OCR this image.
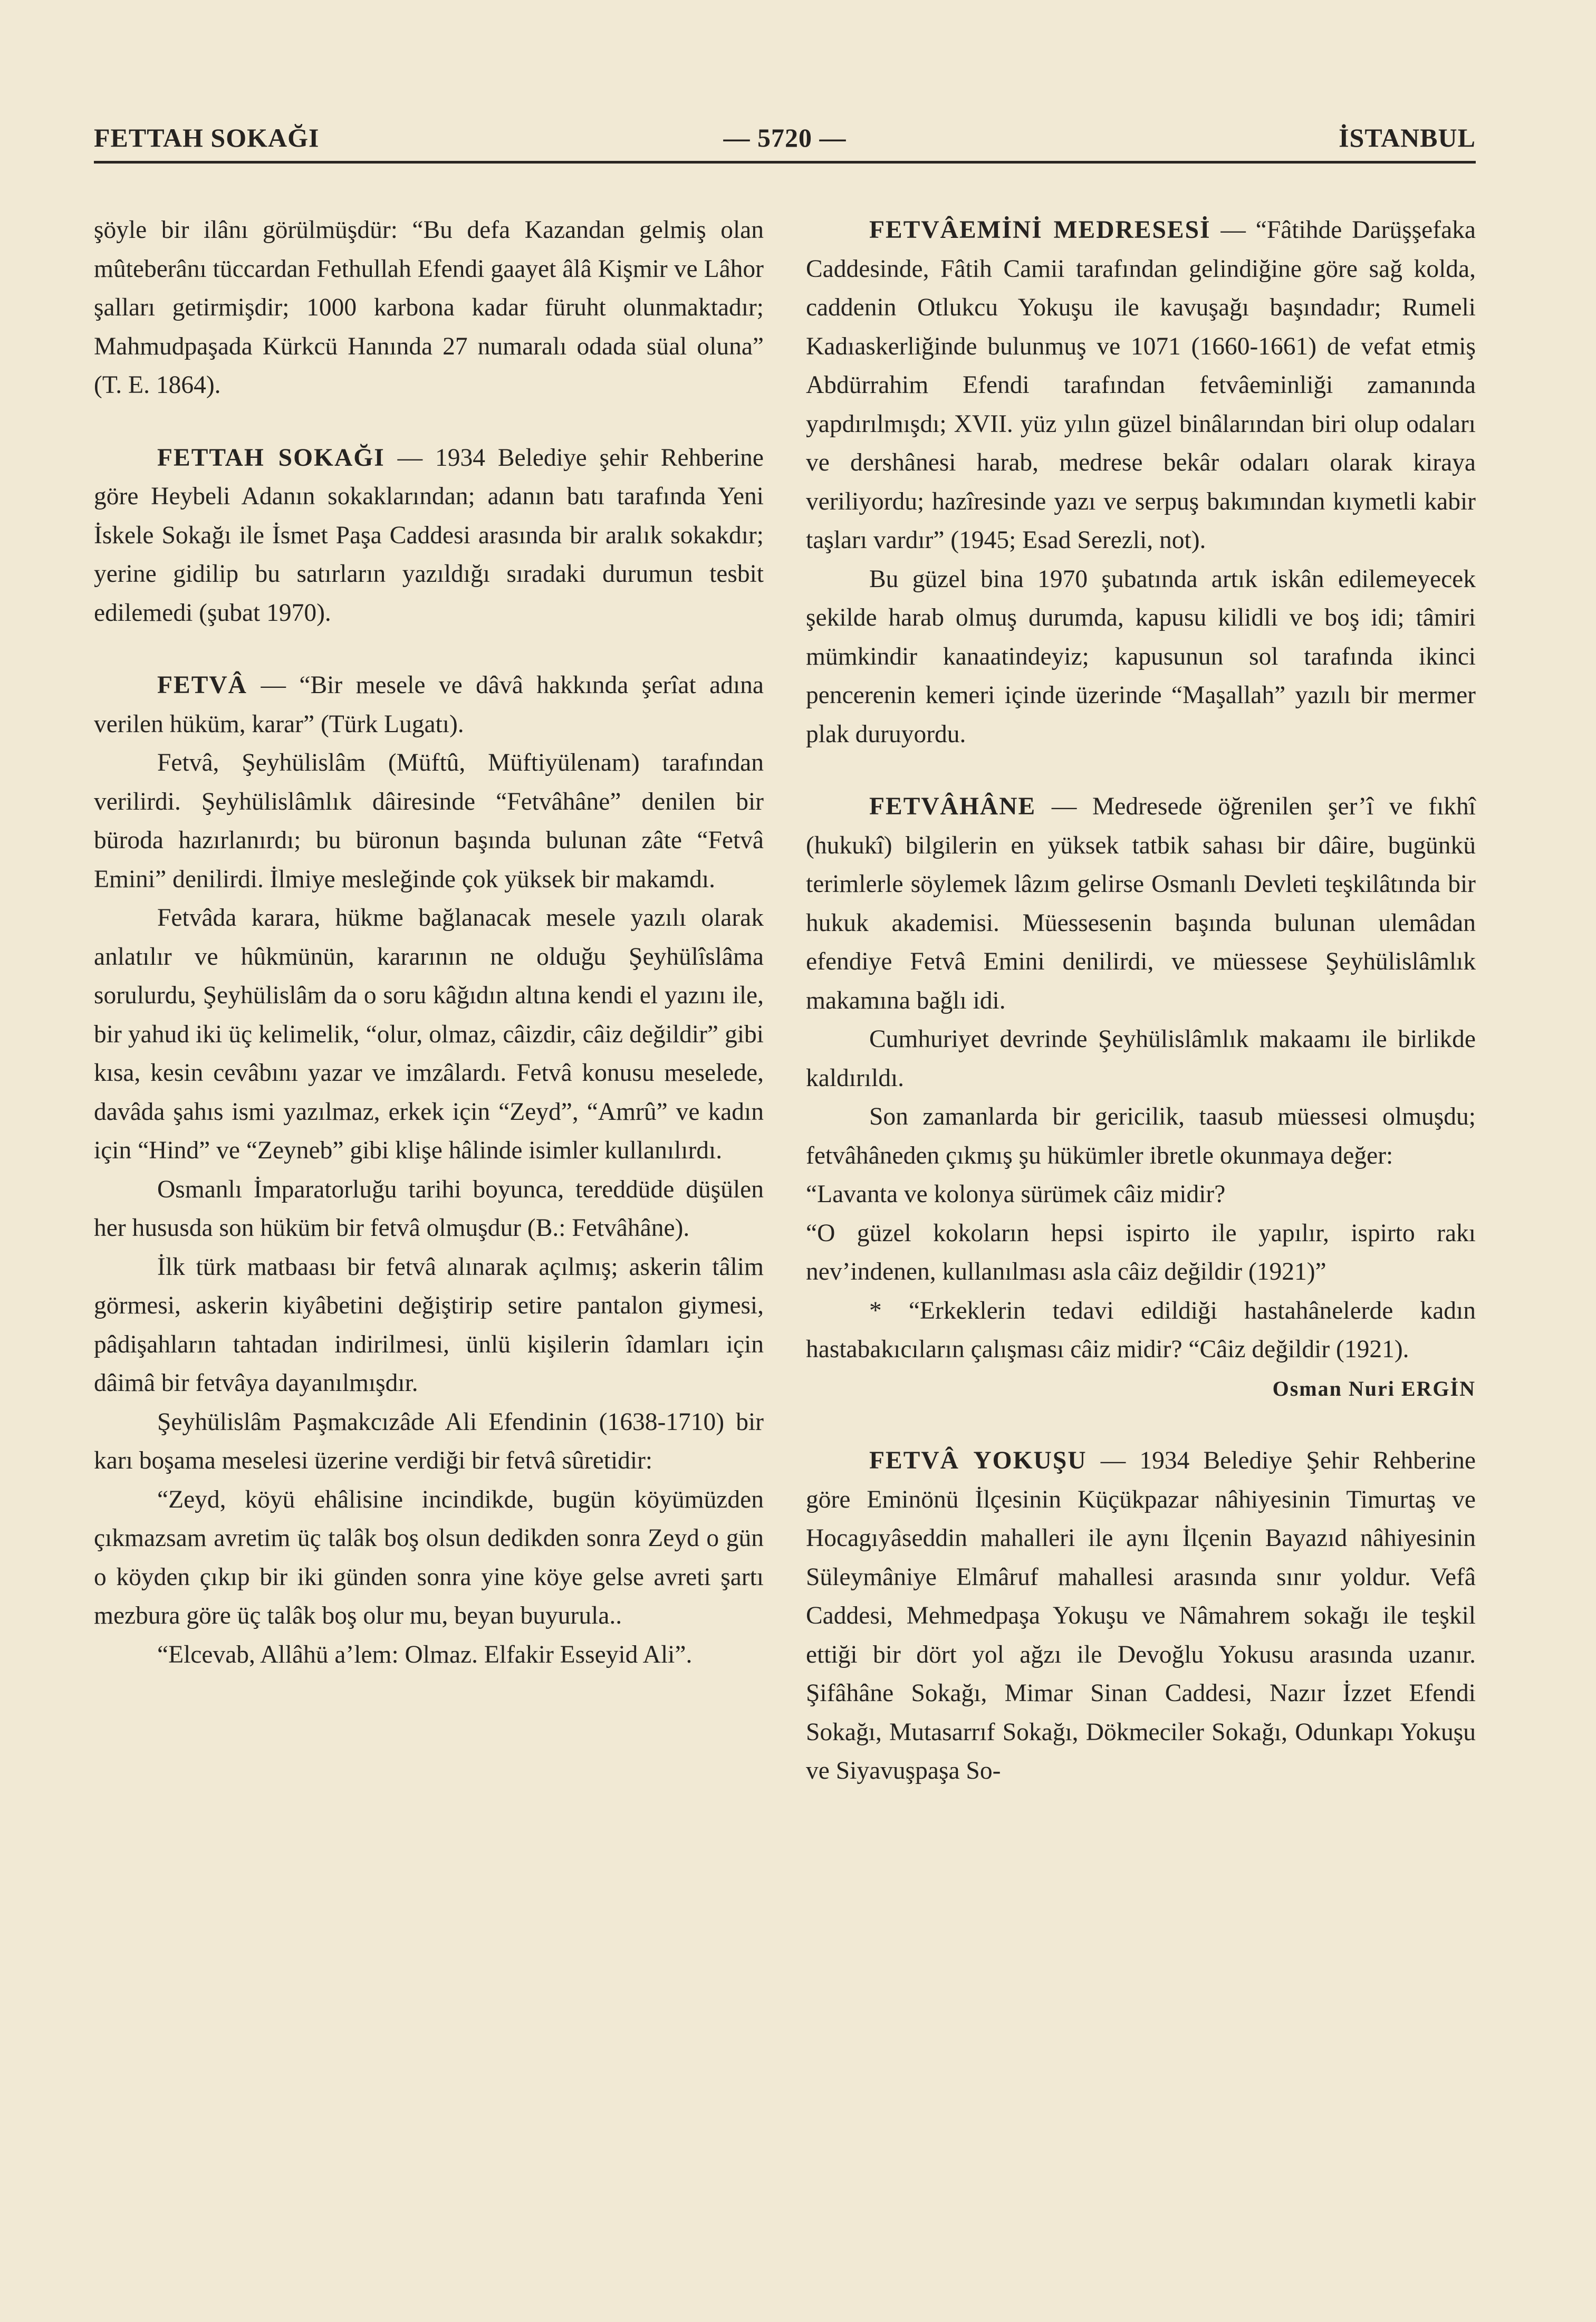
FETTAH SOKAĞI	— 5720 —	İSTANBUL

şöyle bir ilânı görülmüşdür: “Bu defa Kazandan gelmiş olan mûteberânı tüccardan Fethullah Efendi gaayet âlâ Kişmir ve Lâhor şalları getirmişdir; 1000 karbona kadar füruht olunmaktadır; Mahmudpaşada Kürkcü Hanında 27 numaralı odada süal oluna” (T. E. 1864).

FETTAH SOKAĞI — 1934 Belediye şehir Rehberine göre Heybeli Adanın sokaklarından; adanın batı tarafında Yeni İskele Sokağı ile İsmet Paşa Caddesi arasında bir aralık sokakdır; yerine gidilip bu satırların yazıldığı sıradaki durumun tesbit edilemedi (şubat 1970).

FETVÂ — “Bir mesele ve dâvâ hakkında şerîat adına verilen hüküm, karar” (Türk Lugatı).

Fetvâ, Şeyhülislâm (Müftû, Müftiyülenam) tarafından verilirdi. Şeyhülislâmlık dâiresinde “Fetvâhâne” denilen bir büroda hazırlanırdı; bu büronun başında bulunan zâte “Fetvâ Emini” denilirdi. İlmiye mesleğinde çok yüksek bir makamdı.

Fetvâda karara, hükme bağlanacak mesele yazılı olarak anlatılır ve hûkmünün, kararının ne olduğu Şeyhülîslâma sorulurdu, Şeyhülislâm da o soru kâğıdın altına kendi el yazını ile, bir yahud iki üç kelimelik, “olur, olmaz, câizdir, câiz değildir” gibi kısa, kesin cevâbını yazar ve imzâlardı. Fetvâ konusu meselede, davâda şahıs ismi yazılmaz, erkek için “Zeyd”, “Amrû” ve kadın için “Hind” ve “Zeyneb” gibi klişe hâlinde isimler kullanılırdı.

Osmanlı İmparatorluğu tarihi boyunca, tereddüde düşülen her hususda son hüküm bir fetvâ olmuşdur (B.: Fetvâhâne).

İlk türk matbaası bir fetvâ alınarak açılmış; askerin tâlim görmesi, askerin kiyâbetini değiştirip setire pantalon giymesi, pâdişahların tahtadan indirilmesi, ünlü kişilerin îdamları için dâimâ bir fetvâya dayanılmışdır.

Şeyhülislâm Paşmakcızâde Ali Efendinin (1638-1710) bir karı boşama meselesi üzerine verdiği bir fetvâ sûretidir:

“Zeyd, köyü ehâlisine incindikde, bugün köyümüzden çıkmazsam avretim üç talâk boş olsun dedikden sonra Zeyd o gün o köyden çıkıp bir iki günden sonra yine köye gelse avreti şartı mezbura göre üç talâk boş olur mu, beyan buyurula..

“Elcevab, Allâhü a’lem: Olmaz. Elfakir Esseyid Ali”.

FETVÂEMİNİ MEDRESESİ — “Fâtihde Darüşşefaka Caddesinde, Fâtih Camii tarafından gelindiğine göre sağ kolda, caddenin Otlukcu Yokuşu ile kavuşağı başındadır; Rumeli Kadıaskerliğinde bulunmuş ve 1071 (1660-1661) de vefat etmiş Abdürrahim Efendi tarafından fetvâeminliği zamanında yapdırılmışdı; XVII. yüz yılın güzel binâlarından biri olup odaları ve dershânesi harab, medrese bekâr odaları olarak kiraya veriliyordu; hazîresinde yazı ve serpuş bakımından kıymetli kabir taşları vardır” (1945; Esad Serezli, not).

Bu güzel bina 1970 şubatında artık iskân edilemeyecek şekilde harab olmuş durumda, kapusu kilidli ve boş idi; tâmiri mümkindir kanaatindeyiz; kapusunun sol tarafında ikinci pencerenin kemeri içinde üzerinde “Maşallah” yazılı bir mermer plak duruyordu.

FETVÂHÂNE — Medresede öğrenilen şer’î ve fıkhî (hukukî) bilgilerin en yüksek tatbik sahası bir dâire, bugünkü terimlerle söylemek lâzım gelirse Osmanlı Devleti teşkilâtında bir hukuk akademisi. Müessesenin başında bulunan ulemâdan efendiye Fetvâ Emini denilirdi, ve müessese Şeyhülislâmlık makamına bağlı idi.

Cumhuriyet devrinde Şeyhülislâmlık makaamı ile birlikde kaldırıldı.

Son zamanlarda bir gericilik, taasub müessesi olmuşdu; fetvâhâneden çıkmış şu hükümler ibretle okunmaya değer:

“Lavanta ve kolonya sürümek câiz midir?

“O güzel kokoların hepsi ispirto ile yapılır, ispirto rakı nev’indenen, kullanılması asla câiz değildir (1921)”

* “Erkeklerin tedavi edildiği hastahânelerde kadın hastabakıcıların çalışması câiz midir? “Câiz değildir (1921).

Osman Nuri ERGİN

FETVÂ YOKUŞU — 1934 Belediye Şehir Rehberine göre Eminönü İlçesinin Küçükpazar nâhiyesinin Timurtaş ve Hocagıyâseddin mahalleri ile aynı İlçenin Bayazıd nâhiyesinin Süleymâniye Elmâruf mahallesi arasında sınır yoldur. Vefâ Caddesi, Mehmedpaşa Yokuşu ve Nâmahrem sokağı ile teşkil ettiği bir dört yol ağzı ile Devoğlu Yokusu arasında uzanır. Şifâhâne Sokağı, Mimar Sinan Caddesi, Nazır İzzet Efendi Sokağı, Mutasarrıf Sokağı, Dökmeciler Sokağı, Odunkapı Yokuşu ve Siyavuşpaşa So-
